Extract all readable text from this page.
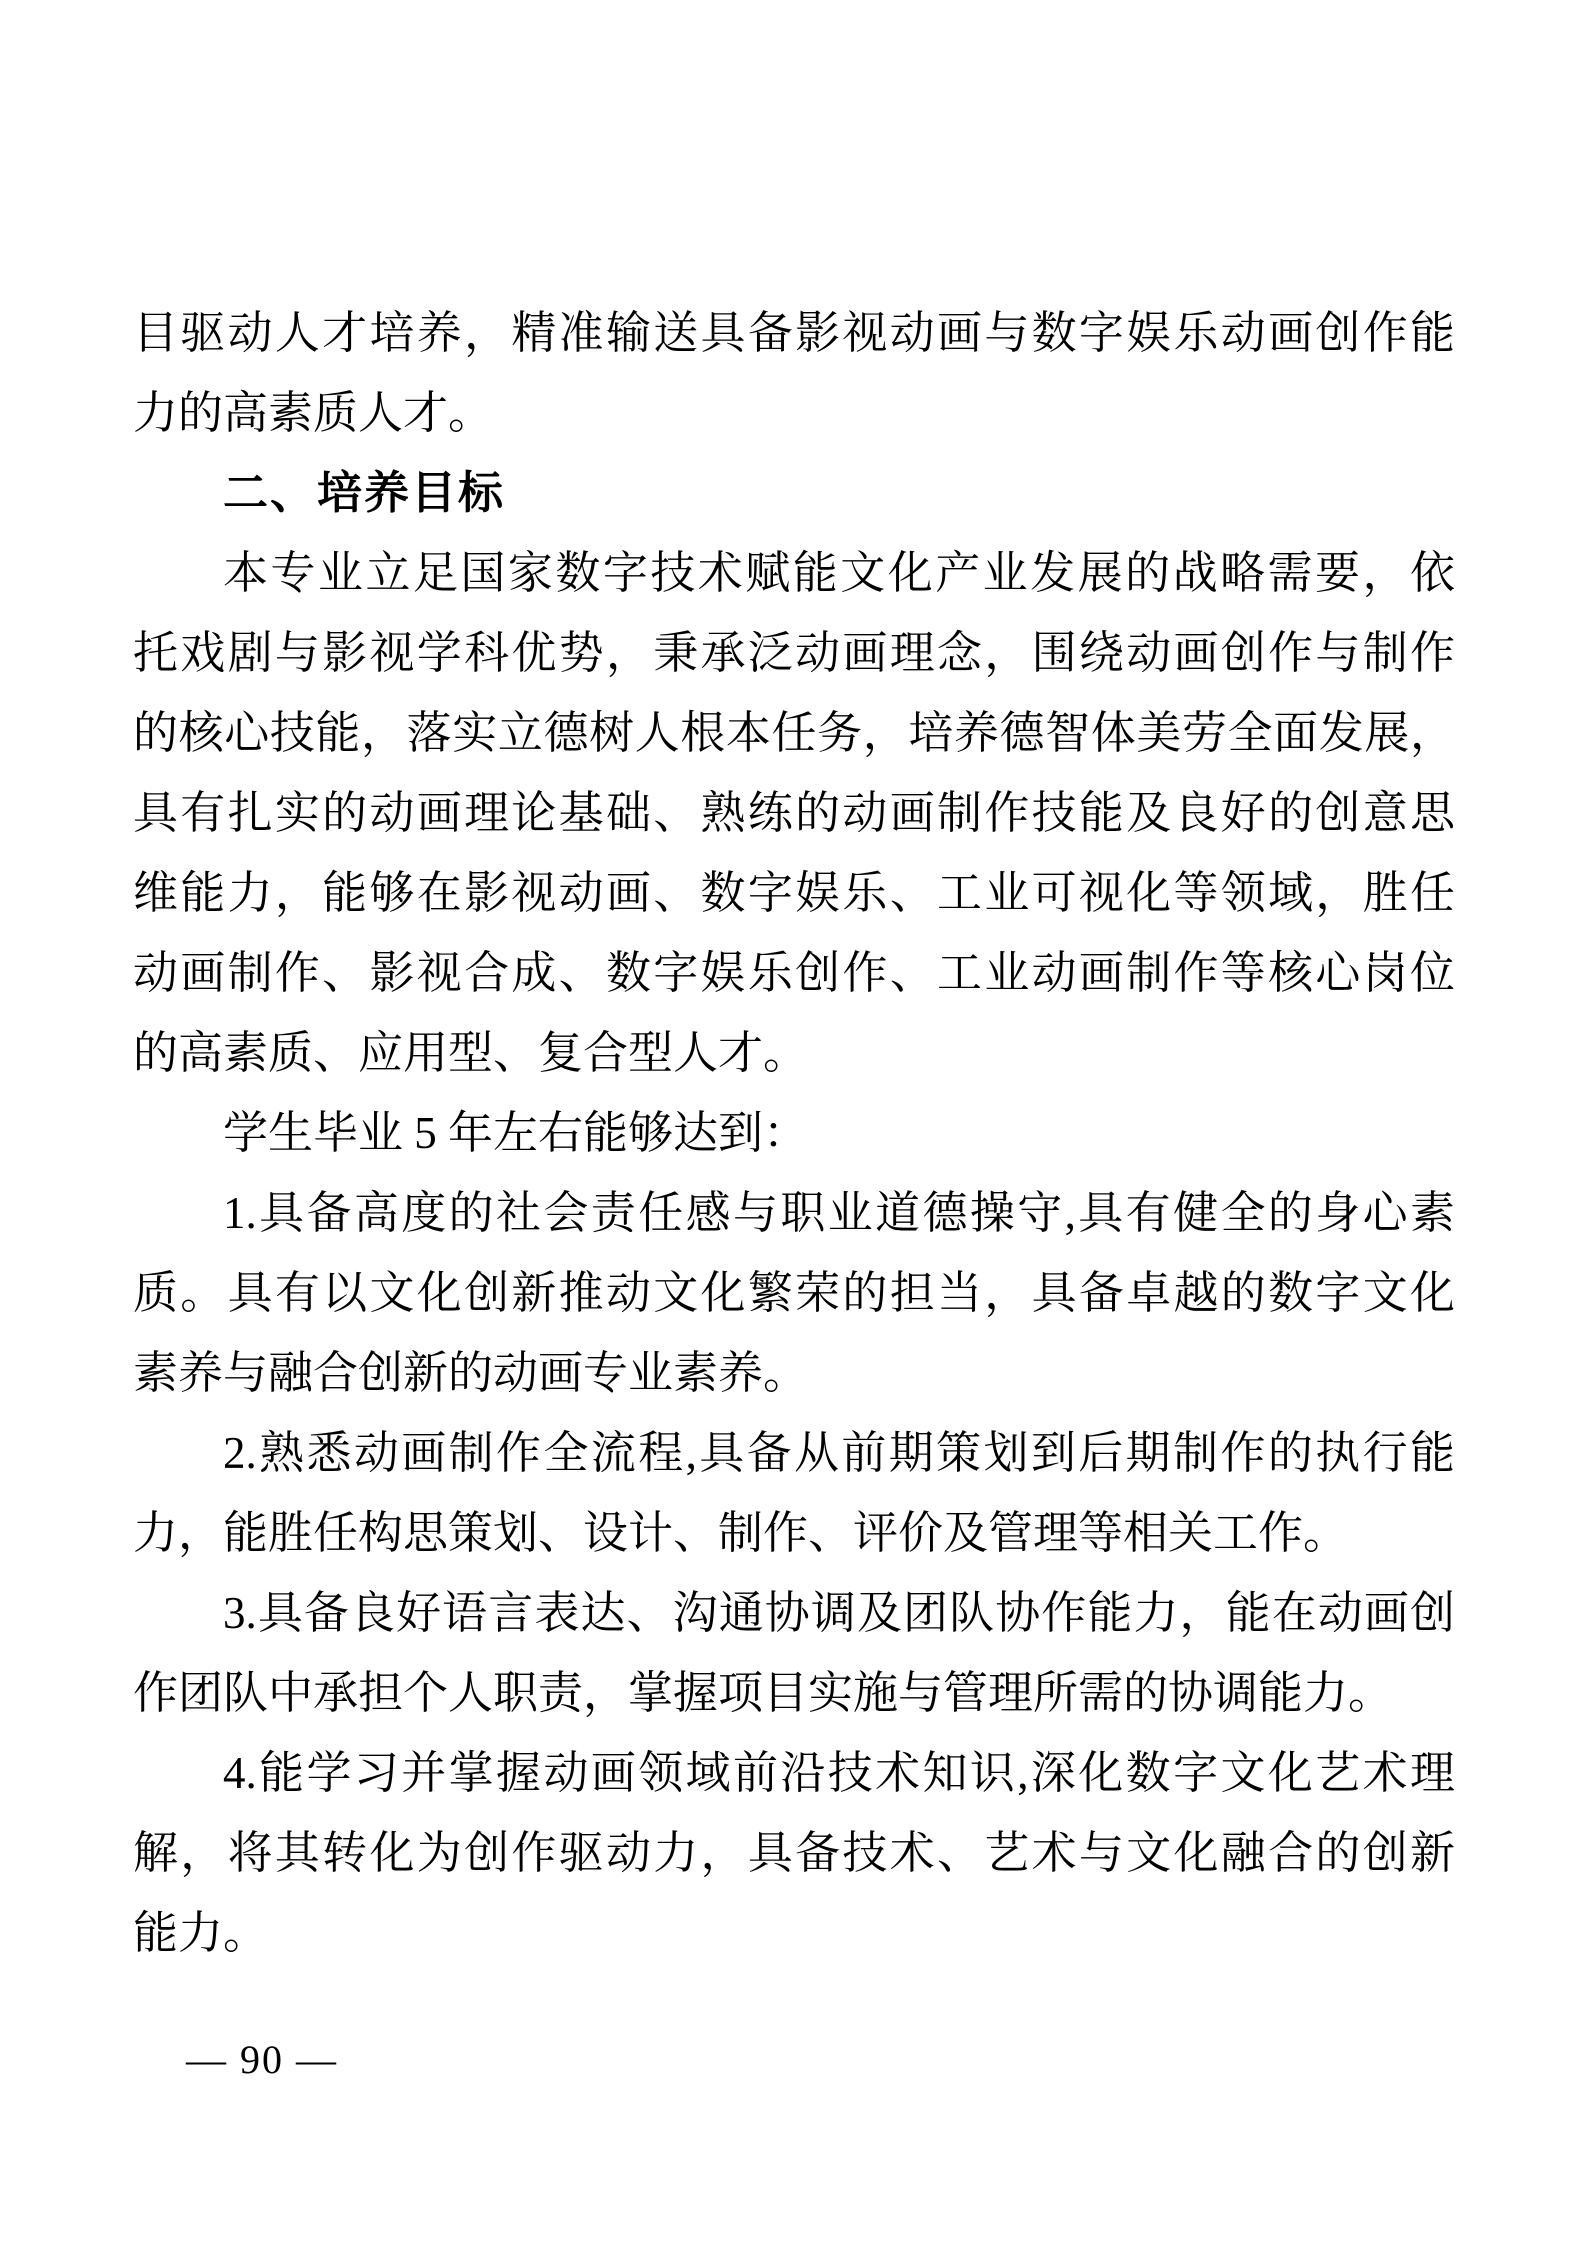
目驱动人才培养，精准输送具备影视动画与数字娱乐动画创作能
力的高素质人才。
二、培养目标
本专业立足国家数字技术赋能文化产业发展的战略需要，依
托戏剧与影视学科优势，秉承泛动画理念，围绕动画创作与制作
的核心技能，落实立德树人根本任务，培养德智体美劳全面发展，
具有扎实的动画理论基础、熟练的动画制作技能及良好的创意思
维能力，能够在影视动画、数字娱乐、工业可视化等领域，胜任
动画制作、影视合成、数字娱乐创作、工业动画制作等核心岗位
的高素质、应用型、复合型人才。
学生毕业 5 年左右能够达到：
1.具备高度的社会责任感与职业道德操守,具有健全的身心素
质。具有以文化创新推动文化繁荣的担当，具备卓越的数字文化
素养与融合创新的动画专业素养。
2.熟悉动画制作全流程,具备从前期策划到后期制作的执行能
力，能胜任构思策划、设计、制作、评价及管理等相关工作。
3.具备良好语言表达、沟通协调及团队协作能力，能在动画创
作团队中承担个人职责，掌握项目实施与管理所需的协调能力。
4.能学习并掌握动画领域前沿技术知识,深化数字文化艺术理
解，将其转化为创作驱动力，具备技术、艺术与文化融合的创新
能力。
— 90 —
